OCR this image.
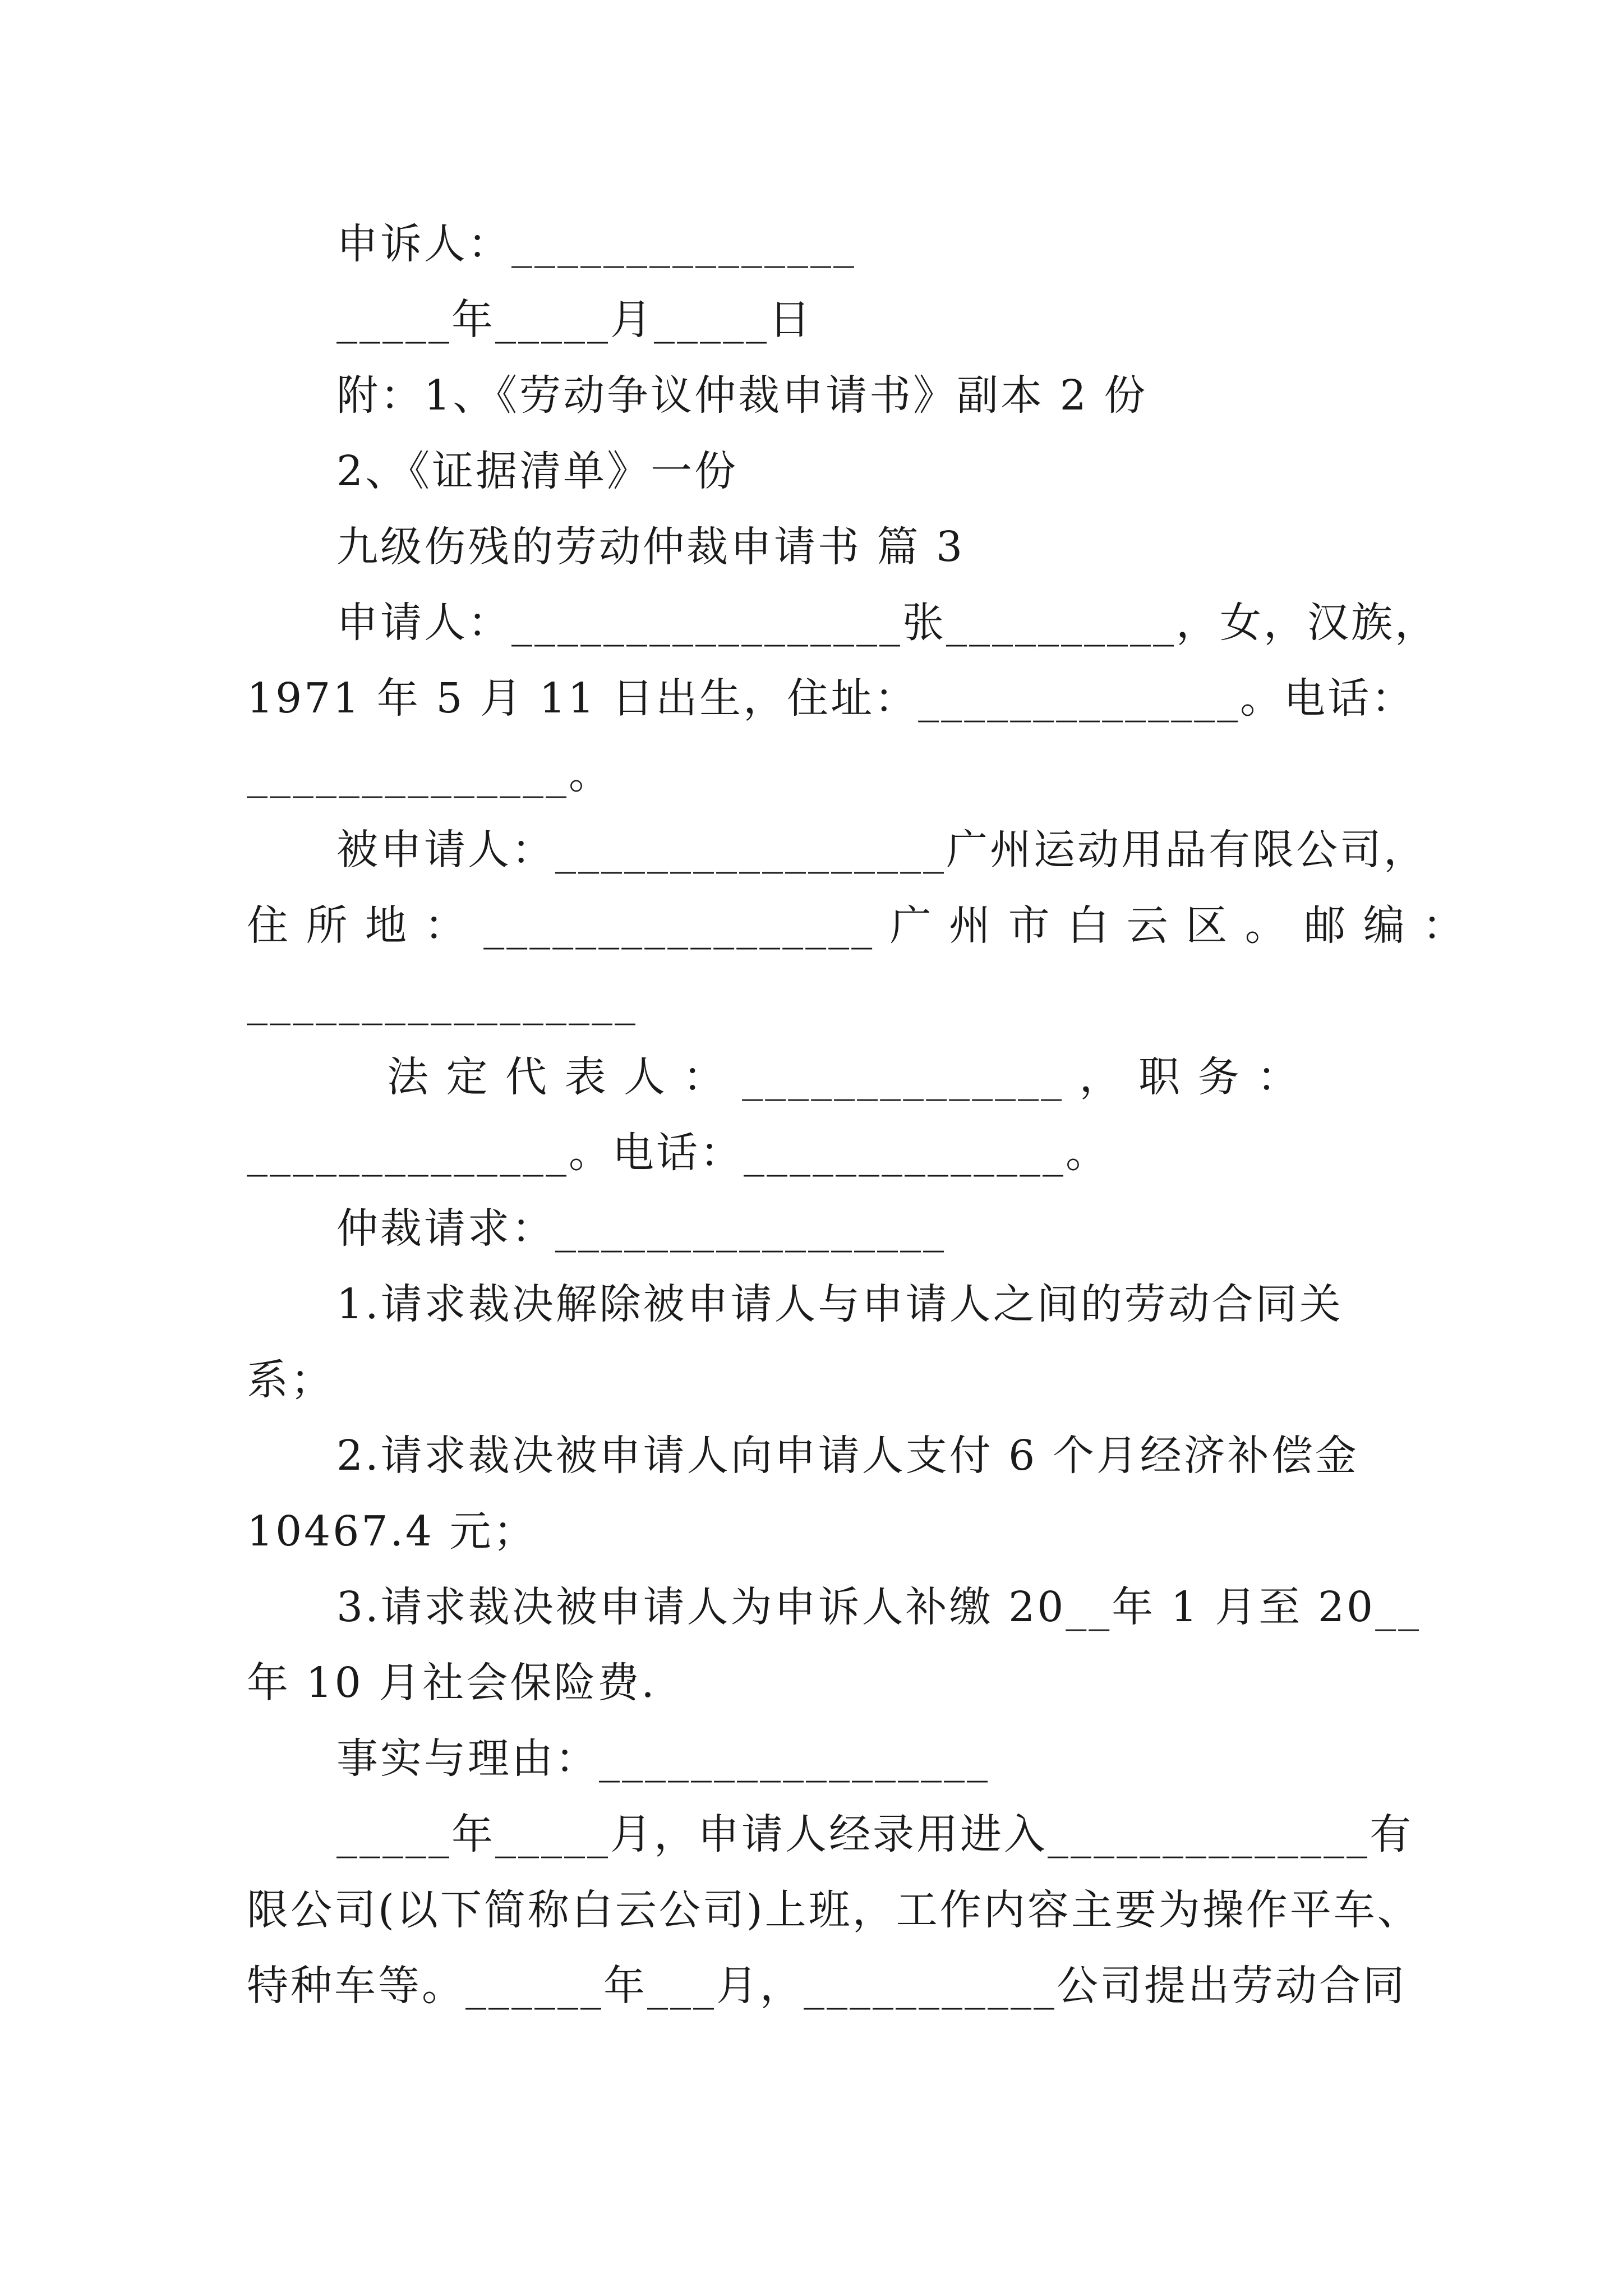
申诉人：_______________
_____年_____月_____日
附：1、《劳动争议仲裁申请书》副本 2 份
2、《证据清单》一份
九级伤残的劳动仲裁申请书 篇 3
申请人：_________________张__________，女，汉族，
1971 年 5 月 11 日出生，住址：______________。电话：
______________。
被申请人：_________________广州运动用品有限公司，
住 所 地 ： _________________ 广 州 市 白 云 区 。 邮 编 ：
_________________
法 定 代 表 人 ： ______________ ， 职 务 ：
______________。电话：______________。
仲裁请求：_________________
1.请求裁决解除被申请人与申请人之间的劳动合同关
系；
2.请求裁决被申请人向申请人支付 6 个月经济补偿金
10467.4 元；
3.请求裁决被申请人为申诉人补缴 20__年 1 月至 20__
年 10 月社会保险费.
事实与理由：_________________
_____年_____月，申请人经录用进入______________有
限公司(以下简称白云公司)上班，工作内容主要为操作平车、
特种车等。______年___月，___________公司提出劳动合同
